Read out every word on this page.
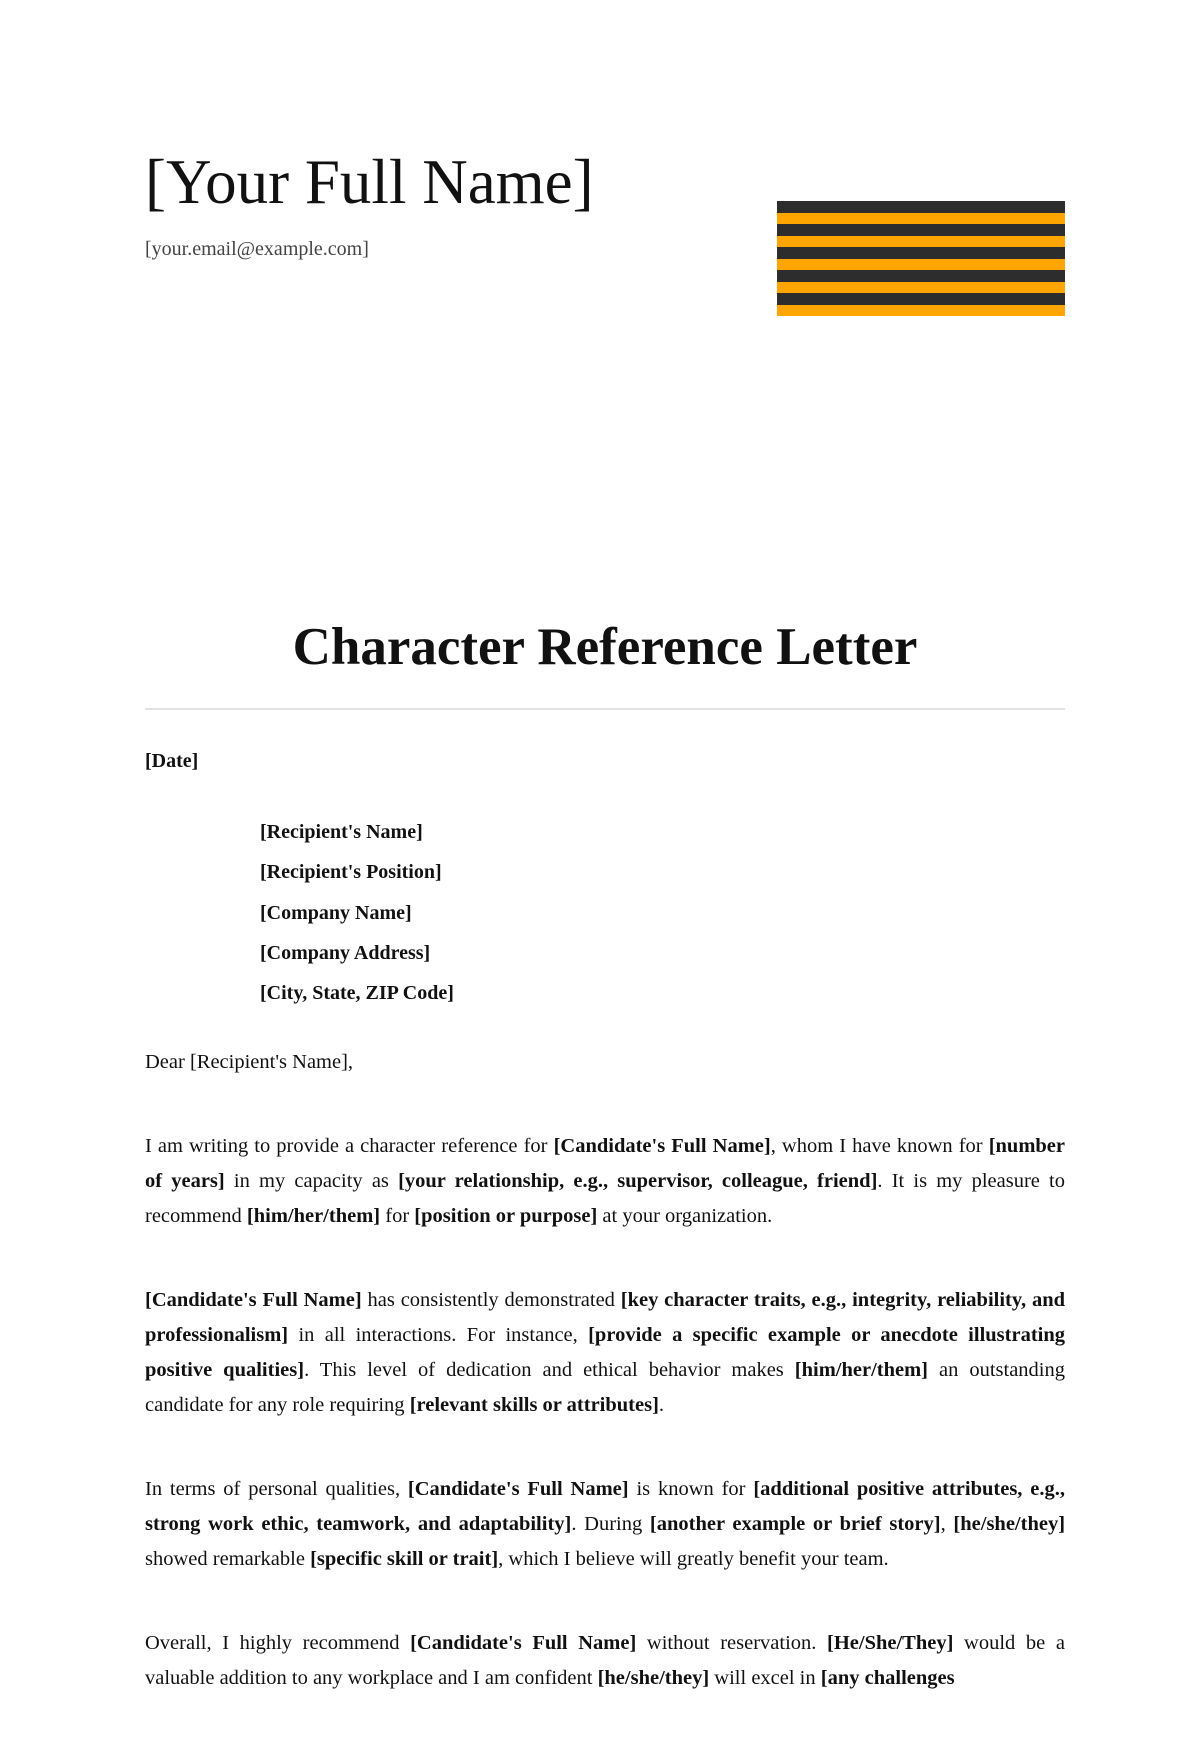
[Your Full Name]
[your.email@example.com]
Character Reference Letter
[Date]
[Recipient's Name]
[Recipient's Position]
[Company Name]
[Company Address]
[City, State, ZIP Code]

Dear [Recipient's Name],

I am writing to provide a character reference for [Candidate's Full Name], whom I have known for [number of years] in my capacity as [your relationship, e.g., supervisor, colleague, friend]. It is my pleasure to recommend [him/her/them] for [position or purpose] at your organization.

[Candidate's Full Name] has consistently demonstrated [key character traits, e.g., integrity, reliability, and professionalism] in all interactions. For instance, [provide a specific example or anecdote illustrating positive qualities]. This level of dedication and ethical behavior makes [him/her/them] an outstanding candidate for any role requiring [relevant skills or attributes].

In terms of personal qualities, [Candidate's Full Name] is known for [additional positive attributes, e.g., strong work ethic, teamwork, and adaptability]. During [another example or brief story], [he/she/they] showed remarkable [specific skill or trait], which I believe will greatly benefit your team.

Overall, I highly recommend [Candidate's Full Name] without reservation. [He/She/They] would be a valuable addition to any workplace and I am confident [he/she/they] will excel in [any challenges
